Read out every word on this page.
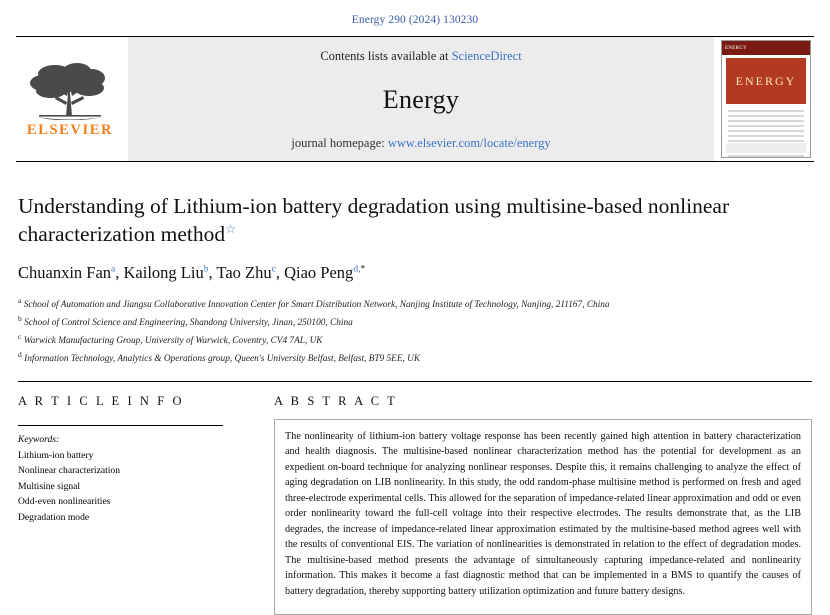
Energy 290 (2024) 130230
ELSEVIER
Contents lists available at ScienceDirect
Energy
journal homepage: www.elsevier.com/locate/energy
ENERGY
ENERGY
Understanding of Lithium-ion battery degradation using multisine-based nonlinear characterization method☆
Chuanxin Fan$^a$, Kailong Liu$^b$, Tao Zhu$^c$, Qiao Peng$^{d,*}$
$^a$ School of Automation and Jiangsu Collaborative Innovation Center for Smart Distribution Network, Nanjing Institute of Technology, Nanjing, 211167, China
$^b$ School of Control Science and Engineering, Shandong University, Jinan, 250100, China
$^c$ Warwick Manufacturing Group, University of Warwick, Coventry, CV4 7AL, UK
$^d$ Information Technology, Analytics & Operations group, Queen's University Belfast, Belfast, BT9 5EE, UK
A R T I C L E I N F O
Keywords:
Lithium-ion battery
Nonlinear characterization
Multisine signal
Odd-even nonlinearities
Degradation mode
A B S T R A C T
The nonlinearity of lithium-ion battery voltage response has been recently gained high attention in battery characterization and health diagnosis. The multisine-based nonlinear characterization method has the potential for development as an expedient on-board technique for analyzing nonlinear responses. Despite this, it remains challenging to analyze the effect of aging degradation on LIB nonlinearity. In this study, the odd random-phase multisine method is performed on fresh and aged three-electrode experimental cells. This allowed for the separation of impedance-related linear approximation and odd or even order nonlinearity toward the full-cell voltage into their respective electrodes. The results demonstrate that, as the LIB degrades, the increase of impedance-related linear approximation estimated by the multisine-based method agrees well with the results of conventional EIS. The variation of nonlinearities is demonstrated in relation to the effect of degradation modes. The multisine-based method presents the advantage of simultaneously capturing impedance-related and nonlinearity information. This makes it become a fast diagnostic method that can be implemented in a BMS to quantify the causes of battery degradation, thereby supporting battery utilization optimization and future battery designs.
